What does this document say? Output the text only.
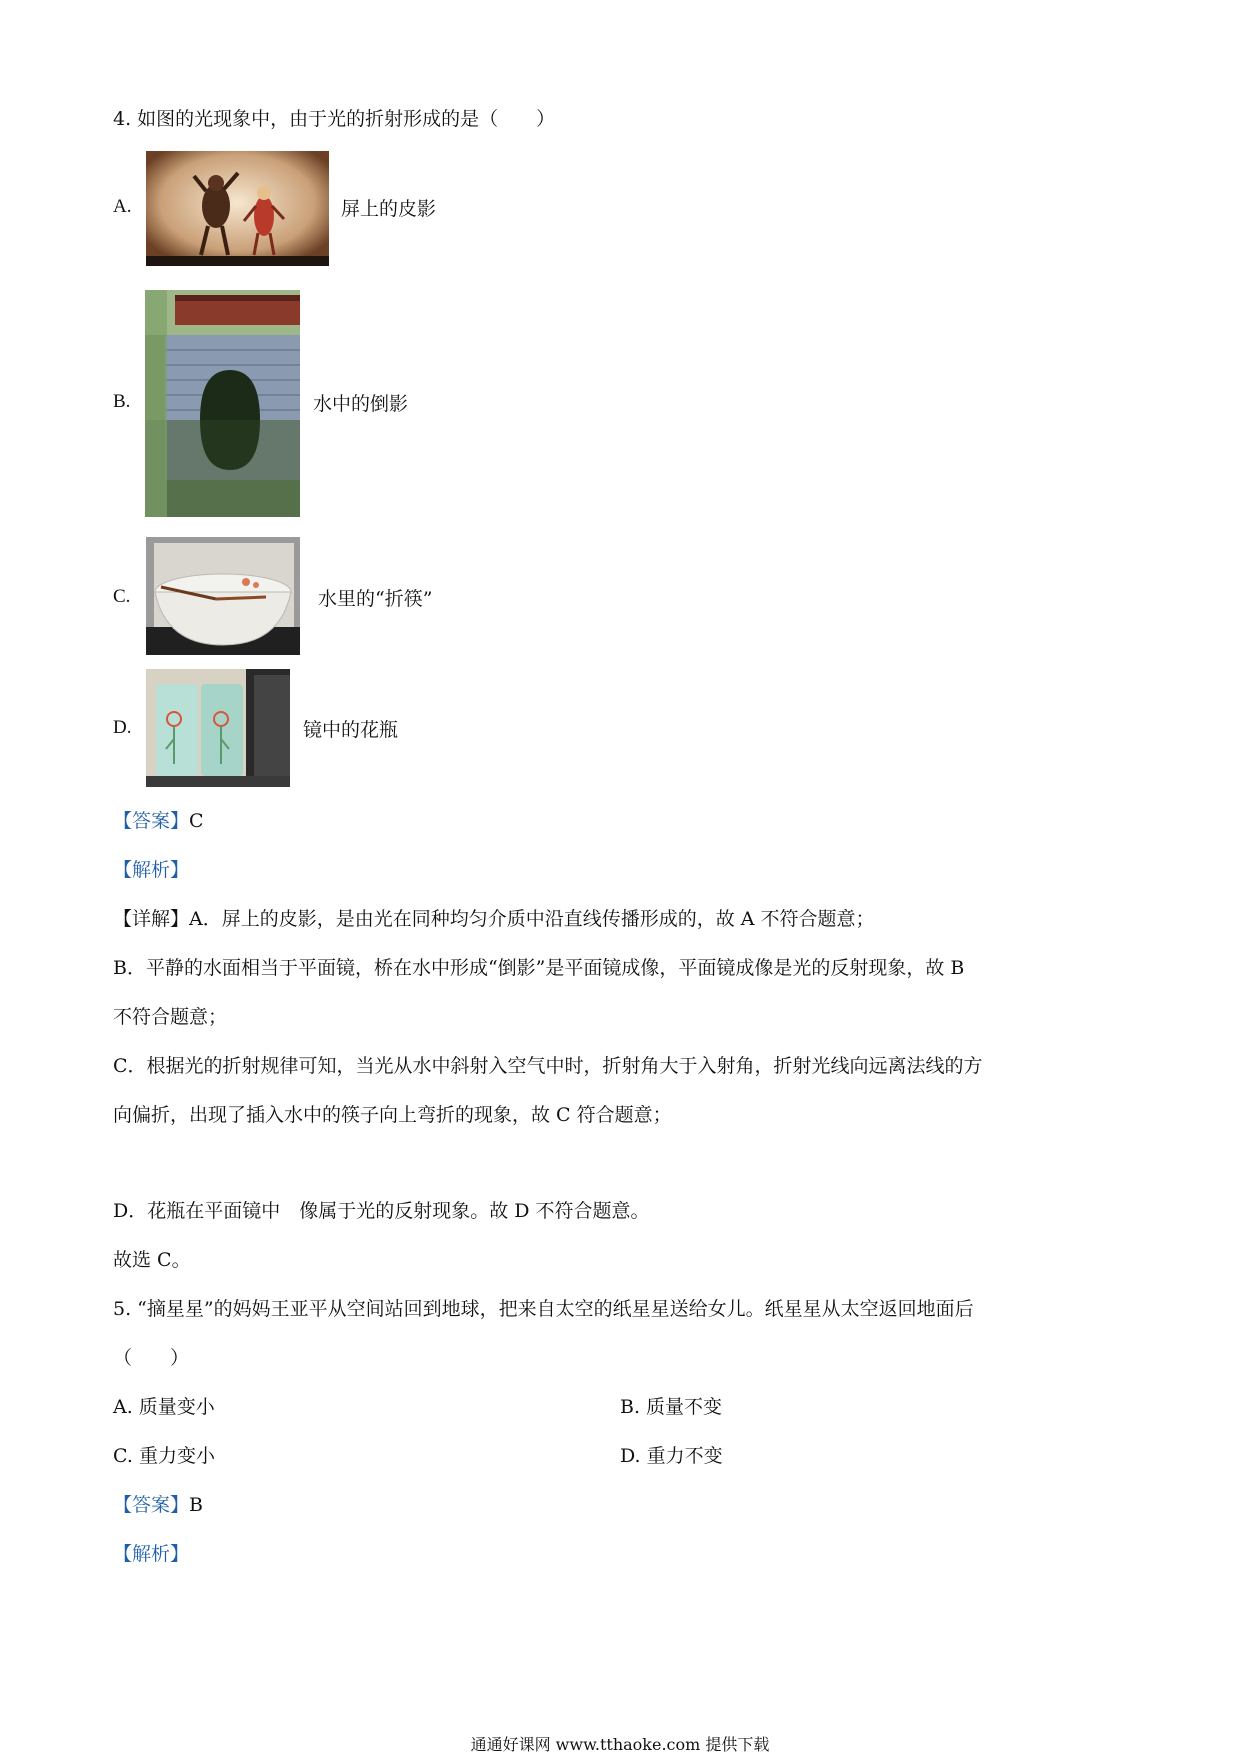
4. 如图的光现象中，由于光的折射形成的是（　　）
A.	屏上的皮影
B.	水中的倒影
C.	水里的“折筷”
D.	镜中的花瓶
【答案】C
【解析】
【详解】A．屏上的皮影，是由光在同种均匀介质中沿直线传播形成的，故 A 不符合题意；
B．平静的水面相当于平面镜，桥在水中形成“倒影”是平面镜成像，平面镜成像是光的反射现象，故 B
不符合题意；
C．根据光的折射规律可知，当光从水中斜射入空气中时，折射角大于入射角，折射光线向远离法线的方
向偏折，出现了插入水中的筷子向上弯折的现象，故 C 符合题意；
D．花瓶在平面镜中　像属于光的反射现象。故 D 不符合题意。
故选 C。
5. “摘星星”的妈妈王亚平从空间站回到地球，把来自太空的纸星星送给女儿。纸星星从太空返回地面后
（　　）
A. 质量变小	B. 质量不变
C. 重力变小	D. 重力不变
【答案】B
【解析】
通通好课网 www.tthaoke.com 提供下载
